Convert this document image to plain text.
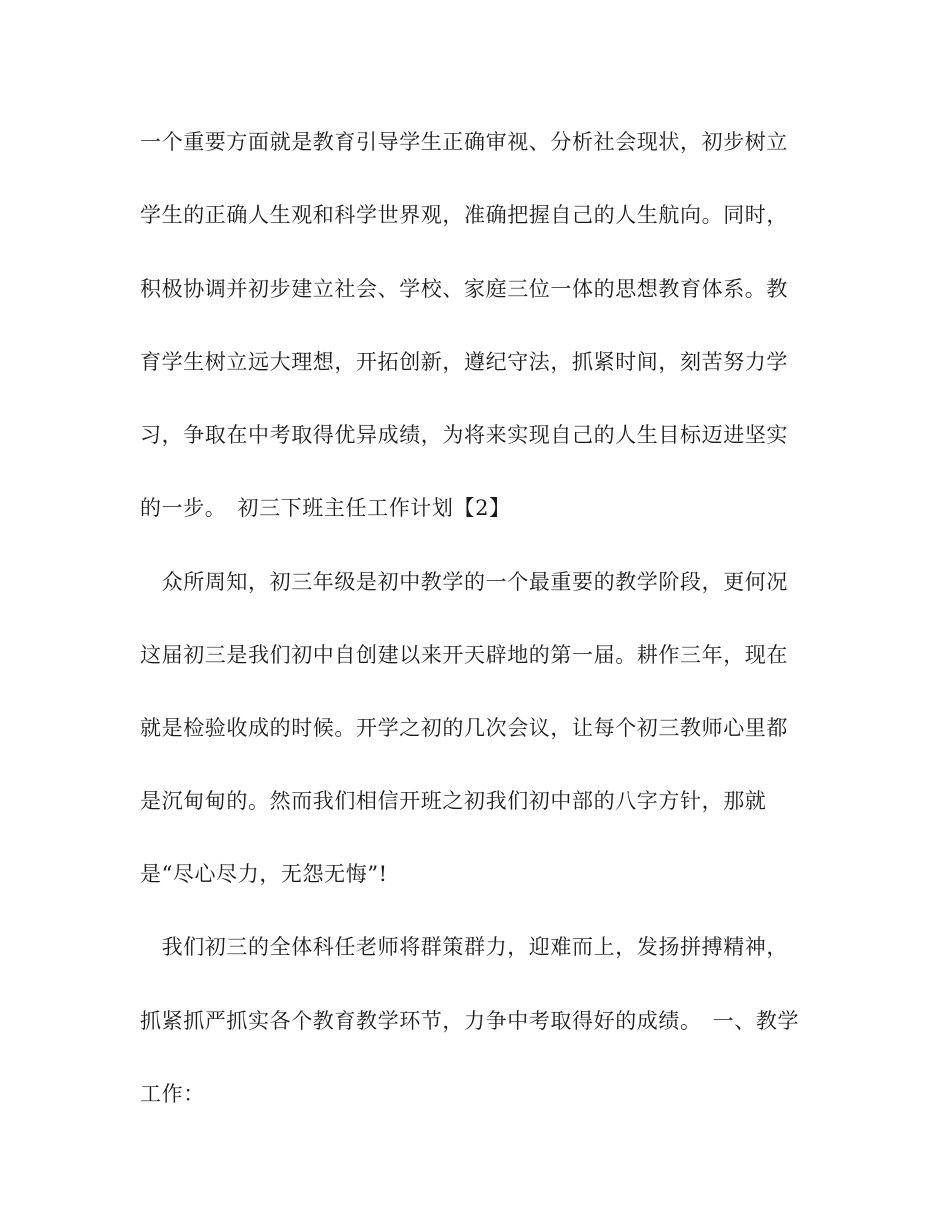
一个重要方面就是教育引导学生正确审视、分析社会现状，初步树立
学生的正确人生观和科学世界观，准确把握自己的人生航向。同时，
积极协调并初步建立社会、学校、家庭三位一体的思想教育体系。教
育学生树立远大理想，开拓创新，遵纪守法，抓紧时间，刻苦努力学
习，争取在中考取得优异成绩，为将来实现自己的人生目标迈进坚实
的一步。　初三下班主任工作计划【2】
　众所周知，初三年级是初中教学的一个最重要的教学阶段，更何况
这届初三是我们初中自创建以来开天辟地的第一届。耕作三年，现在
就是检验收成的时候。开学之初的几次会议，让每个初三教师心里都
是沉甸甸的。然而我们相信开班之初我们初中部的八字方针，那就
是“尽心尽力，无怨无悔”!
　我们初三的全体科任老师将群策群力，迎难而上，发扬拼搏精神，
抓紧抓严抓实各个教育教学环节，力争中考取得好的成绩。　一、教学
工作：
